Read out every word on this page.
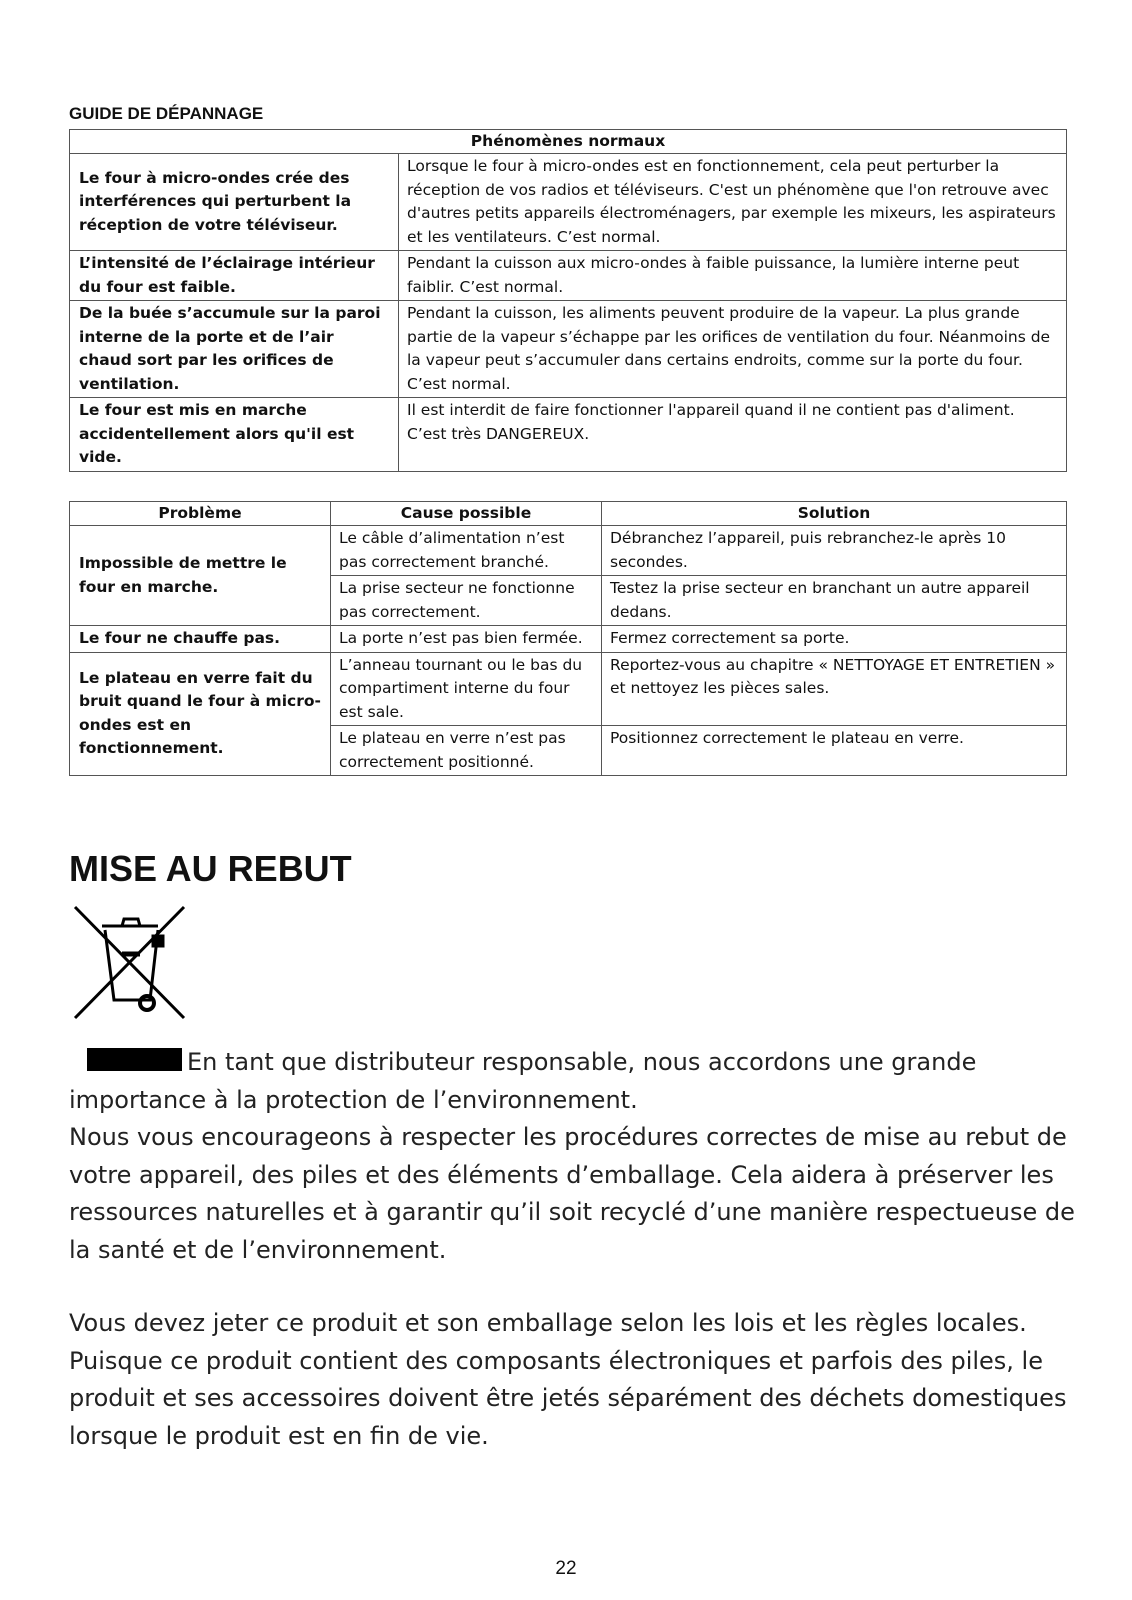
GUIDE DE DÉPANNAGE
Phénomènes normaux	
Le four à micro-ondes crée des interférences qui perturbent la réception de votre téléviseur.	Lorsque le four à micro-ondes est en fonctionnement, cela peut perturber la réception de vos radios et téléviseurs. C'est un phénomène que l'on retrouve avec d'autres petits appareils électroménagers, par exemple les mixeurs, les aspirateurs et les ventilateurs. C’est normal.
L’intensité de l’éclairage intérieur du four est faible.	Pendant la cuisson aux micro-ondes à faible puissance, la lumière interne peut faiblir. C’est normal.
De la buée s’accumule sur la paroi interne de la porte et de l’air chaud sort par les orifices de ventilation.	Pendant la cuisson, les aliments peuvent produire de la vapeur. La plus grande partie de la vapeur s’échappe par les orifices de ventilation du four. Néanmoins de la vapeur peut s’accumuler dans certains endroits, comme sur la porte du four. C’est normal.
Le four est mis en marche accidentellement alors qu'il est vide.	Il est interdit de faire fonctionner l'appareil quand il ne contient pas d'aliment. C’est très DANGEREUX.
Problème	Cause possible	Solution
Impossible de mettre le four en marche.	Le câble d’alimentation n’est pas correctement branché.	Débranchez l’appareil, puis rebranchez-le après 10 secondes.
	La prise secteur ne fonctionne pas correctement.	Testez la prise secteur en branchant un autre appareil dedans.
Le four ne chauffe pas.	La porte n’est pas bien fermée.	Fermez correctement sa porte.
Le plateau en verre fait du bruit quand le four à micro-ondes est en fonctionnement.	L’anneau tournant ou le bas du compartiment interne du four est sale.	Reportez-vous au chapitre « NETTOYAGE ET ENTRETIEN » et nettoyez les pièces sales.
	Le plateau en verre n’est pas correctement positionné.	Positionnez correctement le plateau en verre.
MISE AU REBUT
En tant que distributeur responsable, nous accordons une grande importance à la protection de l’environnement.
Nous vous encourageons à respecter les procédures correctes de mise au rebut de votre appareil, des piles et des éléments d’emballage. Cela aidera à préserver les ressources naturelles et à garantir qu’il soit recyclé d’une manière respectueuse de la santé et de l’environnement.
Vous devez jeter ce produit et son emballage selon les lois et les règles locales. Puisque ce produit contient des composants électroniques et parfois des piles, le produit et ses accessoires doivent être jetés séparément des déchets domestiques lorsque le produit est en fin de vie.
22
